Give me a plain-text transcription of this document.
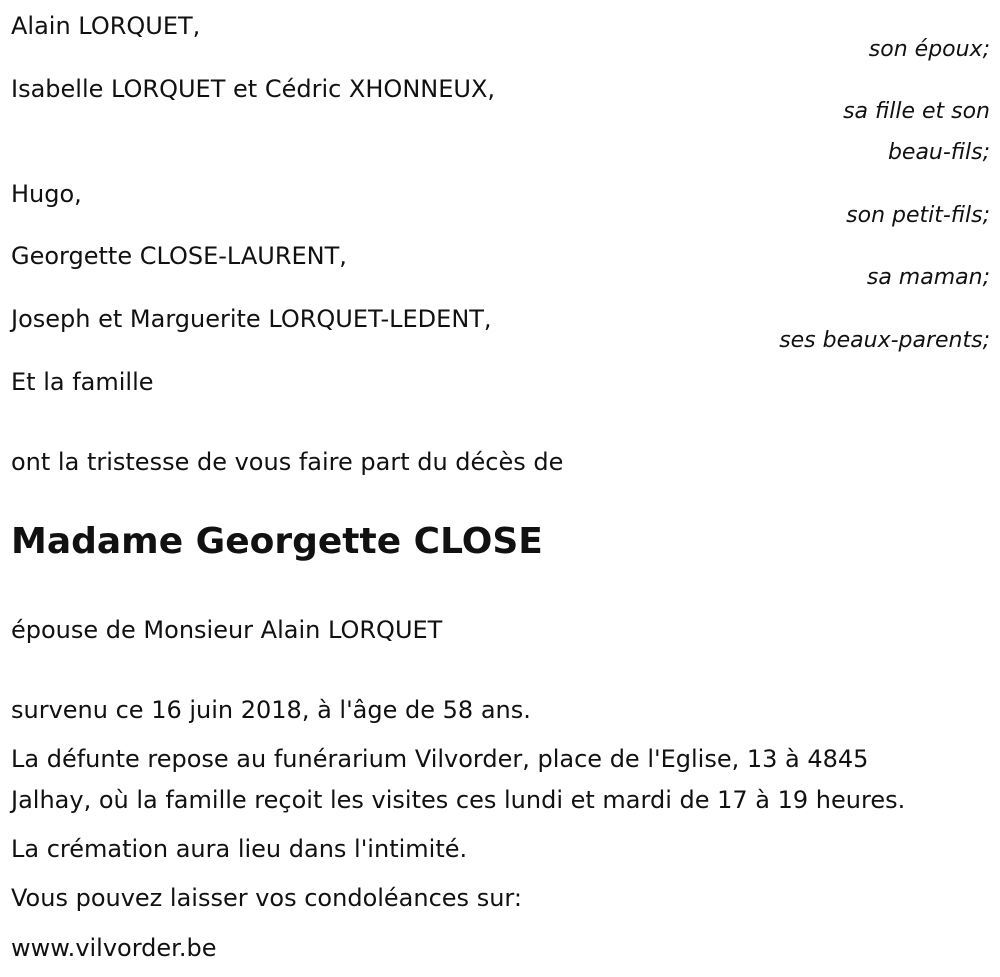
Alain LORQUET,
son époux;
Isabelle LORQUET et Cédric XHONNEUX,
sa fille et son
beau-fils;
Hugo,
son petit-fils;
Georgette CLOSE-LAURENT,
sa maman;
Joseph et Marguerite LORQUET-LEDENT,
ses beaux-parents;
Et la famille
ont la tristesse de vous faire part du décès de
Madame Georgette CLOSE
épouse de Monsieur Alain LORQUET
survenu ce 16 juin 2018, à l'âge de 58 ans.
La défunte repose au funérarium Vilvorder, place de l'Eglise, 13 à 4845
Jalhay, où la famille reçoit les visites ces lundi et mardi de 17 à 19 heures.
La crémation aura lieu dans l'intimité.
Vous pouvez laisser vos condoléances sur:
www.vilvorder.be
